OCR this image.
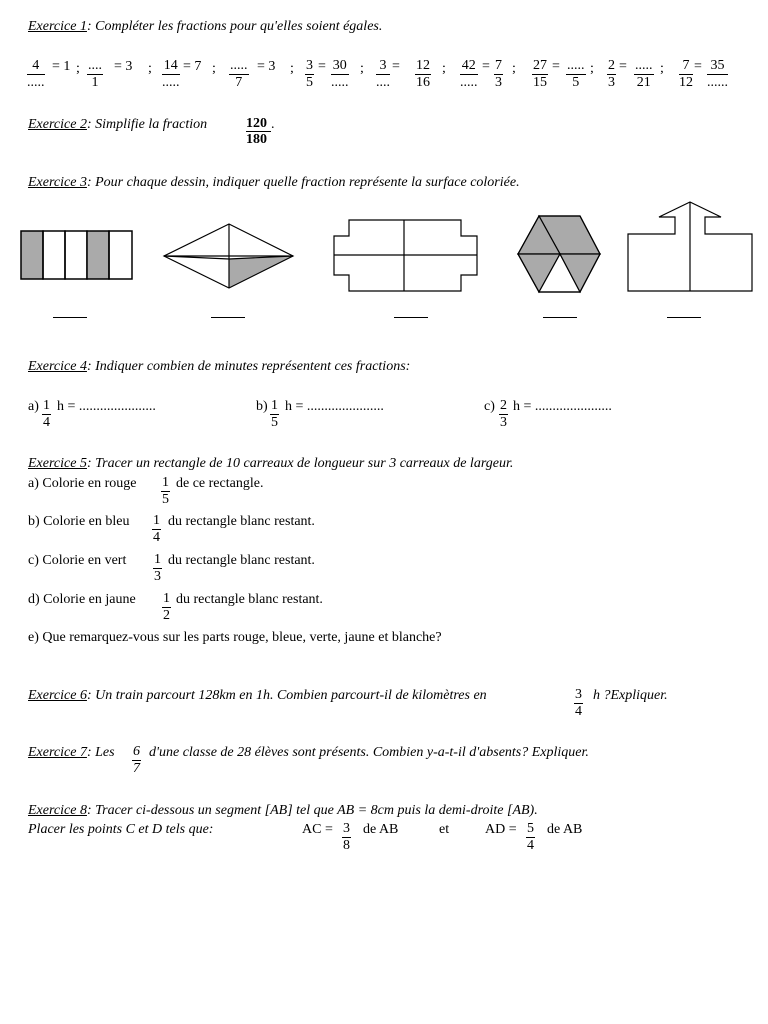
Exercice 1: Compléter les fractions pour qu'elles soient égales.
4
.....
= 1 ; ....
1
= 3 ; 14
.....
= 7 ; .....
7
= 3 ; $\frac{3}{5} = 30$
.....
; 3
....
= $\frac{12}{16}$ ; 42
.....
= $\frac{7}{3}$ ; $\frac{27}{15}$ = .....
5
; $\frac{2}{3}$ = .....
21
; $\frac{7}{12} = 35$
......
Exercice 2: Simplifie la fraction	120
180
.
Exercice 3: Pour chaque dessin, indiquer quelle fraction représente la surface coloriée.
Exercice 4: Indiquer combien de minutes représentent ces fractions:
$a) \frac{1}{4}$ h = ......................	$b) \frac{1}{5}$ h = ......................	$c) \frac{2}{3}$ h = ......................
Exercice 5: Tracer un rectangle de 10 carreaux de longueur sur 3 carreaux de largeur.
a) Colorie en rouge $\frac{1}{5}$ de ce rectangle.
b) Colorie en bleu $\frac{1}{4}$ du rectangle blanc restant.
c) Colorie en vert $\frac{1}{3}$ du rectangle blanc restant.
d) Colorie en jaune $\frac{1}{2}$ du rectangle blanc restant.
e) Que remarquez-vous sur les parts rouge, bleue, verte, jaune et blanche?
Exercice 6: Un train parcourt 128km en 1h. Combien parcourt-il de kilomètres en	$\frac{3}{4}$ h ?Expliquer.
Exercice 7: Les $\frac{6}{7} d'une$ classe de 28 élèves sont présents. Combien y-a-t-il d'absents? Expliquer.
Exercice 8: Tracer ci-dessous un segment [AB] tel que AB = 8cm puis la demi-droite [AB).
Placer les points C et D tels que:	AC = $\frac{3}{8}$ de AB	et	AD = $\frac{5}{4}$ de AB
